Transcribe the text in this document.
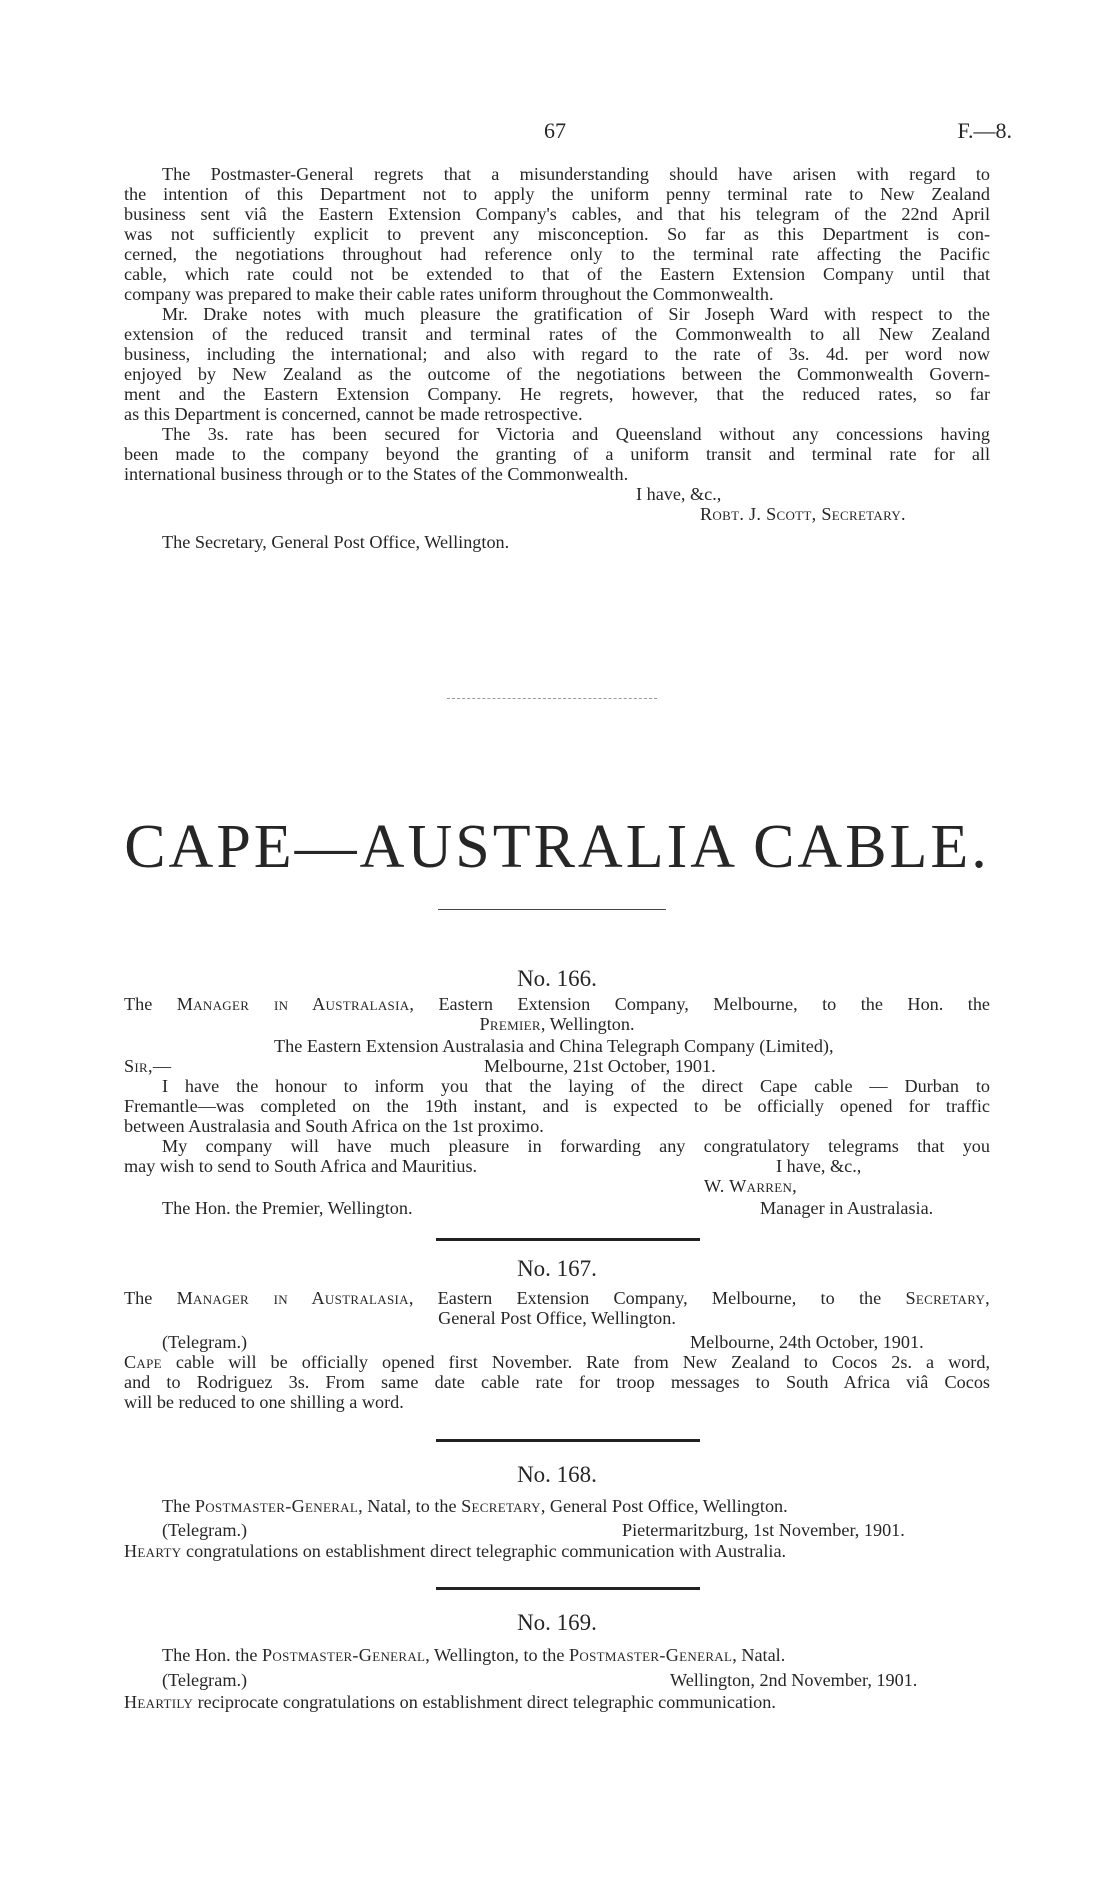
67	F.—8.
The Postmaster-General regrets that a misunderstanding should have arisen with regard to
the intention of this Department not to apply the uniform penny terminal rate to New Zealand
business sent viâ the Eastern Extension Company's cables, and that his telegram of the 22nd April
was not sufficiently explicit to prevent any misconception. So far as this Department is con-
cerned, the negotiations throughout had reference only to the terminal rate affecting the Pacific
cable, which rate could not be extended to that of the Eastern Extension Company until that
company was prepared to make their cable rates uniform throughout the Commonwealth.
Mr. Drake notes with much pleasure the gratification of Sir Joseph Ward with respect to the
extension of the reduced transit and terminal rates of the Commonwealth to all New Zealand
business, including the international; and also with regard to the rate of 3s. 4d. per word now
enjoyed by New Zealand as the outcome of the negotiations between the Commonwealth Govern-
ment and the Eastern Extension Company. He regrets, however, that the reduced rates, so far
as this Department is concerned, cannot be made retrospective.
The 3s. rate has been secured for Victoria and Queensland without any concessions having
been made to the company beyond the granting of a uniform transit and terminal rate for all
international business through or to the States of the Commonwealth.
I have, &c.,
Robt. J. Scott, Secretary.
The Secretary, General Post Office, Wellington.
CAPE—AUSTRALIA CABLE.
No. 166.
The Manager in Australasia, Eastern Extension Company, Melbourne, to the Hon. the
Premier, Wellington.
The Eastern Extension Australasia and China Telegraph Company (Limited),
Sir,—	Melbourne, 21st October, 1901.
I have the honour to inform you that the laying of the direct Cape cable — Durban to
Fremantle—was completed on the 19th instant, and is expected to be officially opened for traffic
between Australasia and South Africa on the 1st proximo.
My company will have much pleasure in forwarding any congratulatory telegrams that you
may wish to send to South Africa and Mauritius.	I have, &c.,
W. Warren,
The Hon. the Premier, Wellington.	Manager in Australasia.
No. 167.
The Manager in Australasia, Eastern Extension Company, Melbourne, to the Secretary,
General Post Office, Wellington.
(Telegram.)	Melbourne, 24th October, 1901.
Cape cable will be officially opened first November. Rate from New Zealand to Cocos 2s. a word,
and to Rodriguez 3s. From same date cable rate for troop messages to South Africa viâ Cocos
will be reduced to one shilling a word.
No. 168.
The Postmaster-General, Natal, to the Secretary, General Post Office, Wellington.
(Telegram.)	Pietermaritzburg, 1st November, 1901.
Hearty congratulations on establishment direct telegraphic communication with Australia.
No. 169.
The Hon. the Postmaster-General, Wellington, to the Postmaster-General, Natal.
(Telegram.)	Wellington, 2nd November, 1901.
Heartily reciprocate congratulations on establishment direct telegraphic communication.
